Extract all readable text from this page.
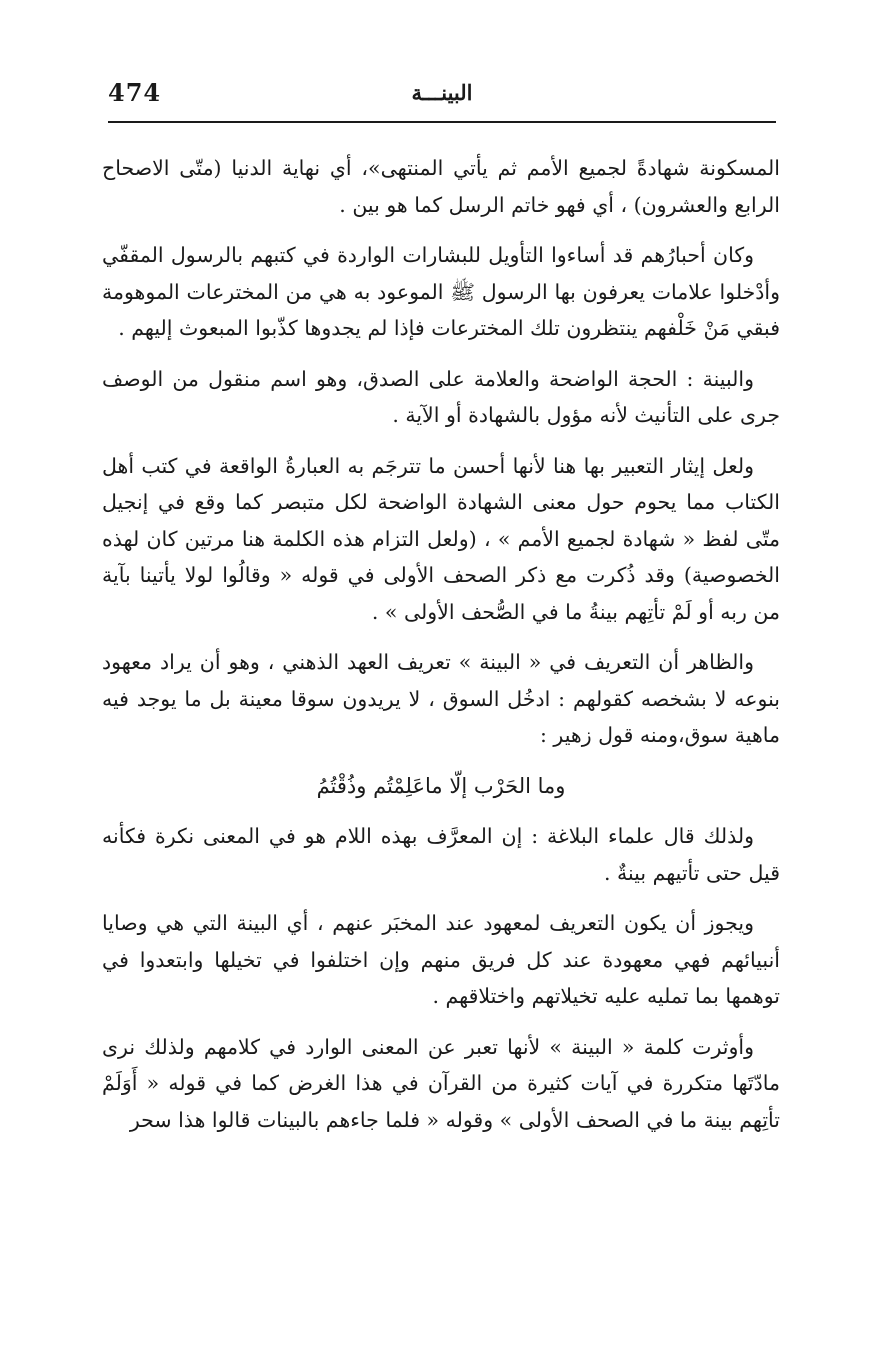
474	البينـــة

المسكونة شهادةً لجميع الأمم ثم يأتي المنتهى»، أي نهاية الدنيا (متّى الاصحاح الرابع والعشرون) ، أي فهو خاتم الرسل كما هو بين .

وكان أحبارُهم قد أساءوا التأويل للبشارات الواردة في كتبهم بالرسول المقفّي وأدْخلوا علامات يعرفون بها الرسول ﷺ الموعود به هي من المخترعات الموهومة فبقي مَنْ خَلْفهم ينتظرون تلك المخترعات فإذا لم يجدوها كذّبوا المبعوث إليهم .

والبينة : الحجة الواضحة والعلامة على الصدق، وهو اسم منقول من الوصف جرى على التأنيث لأنه مؤول بالشهادة أو الآية .

ولعل إيثار التعبير بها هنا لأنها أحسن ما تترجَم به العبارةُ الواقعة في كتب أهل الكتاب مما يحوم حول معنى الشهادة الواضحة لكل متبصر كما وقع في إنجيل متّى لفظ « شهادة لجميع الأمم » ، (ولعل التزام هذه الكلمة هنا مرتين كان لهذه الخصوصية) وقد ذُكرت مع ذكر الصحف الأولى في قوله « وقالُوا لولا يأتينا بآية من ربه أو لَمْ تأتِهم بينةُ ما في الصُّحف الأولى » .

والظاهر أن التعريف في « البينة » تعريف العهد الذهني ، وهو أن يراد معهود بنوعه لا بشخصه كقولهم : ادخُل السوق ، لا يريدون سوقا معينة بل ما يوجد فيه ماهية سوق،ومنه قول زهير :

وما الحَرْب إلّا ماعَلِمْتُم وذُقْتُمُ

ولذلك قال علماء البلاغة : إن المعرَّف بهذه اللام هو في المعنى نكرة فكأنه قيل حتى تأتيهم بينةٌ .

ويجوز أن يكون التعريف لمعهود عند المخبَر عنهم ، أي البينة التي هي وصايا أنبيائهم فهي معهودة عند كل فريق منهم وإن اختلفوا في تخيلها وابتعدوا في توهمها بما تمليه عليه تخيلاتهم واختلاقهم .

وأوثرت كلمة « البينة » لأنها تعبر عن المعنى الوارد في كلامهم ولذلك نرى مادّتَها متكررة في آيات كثيرة من القرآن في هذا الغرض كما في قوله « أَوَلَمْ تأتِهم بينة ما في الصحف الأولى » وقوله « فلما جاءهم بالبينات قالوا هذا سحر
